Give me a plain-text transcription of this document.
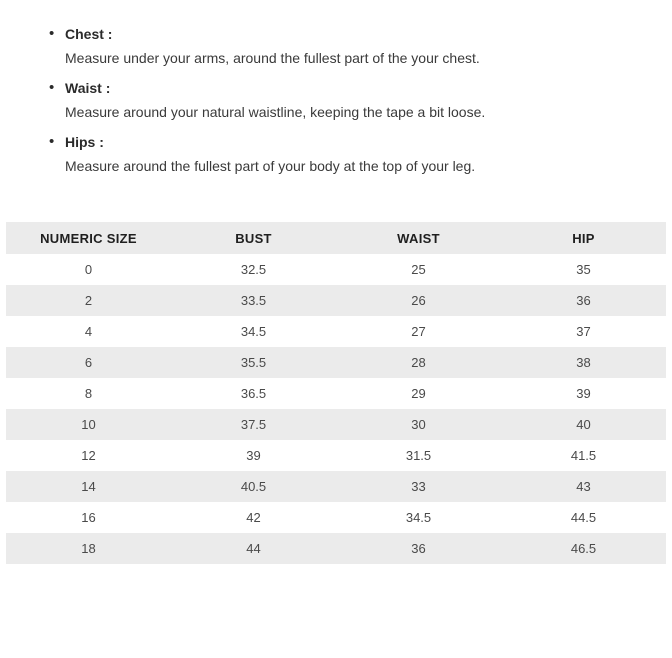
• Chest :
Measure under your arms, around the fullest part of the your chest.
• Waist :
Measure around your natural waistline, keeping the tape a bit loose.
• Hips :
Measure around the fullest part of your body at the top of your leg.
NUMERIC SIZE	BUST	WAIST	HIP
0	32.5	25	35
2	33.5	26	36
4	34.5	27	37
6	35.5	28	38
8	36.5	29	39
10	37.5	30	40
12	39	31.5	41.5
14	40.5	33	43
16	42	34.5	44.5
18	44	36	46.5
